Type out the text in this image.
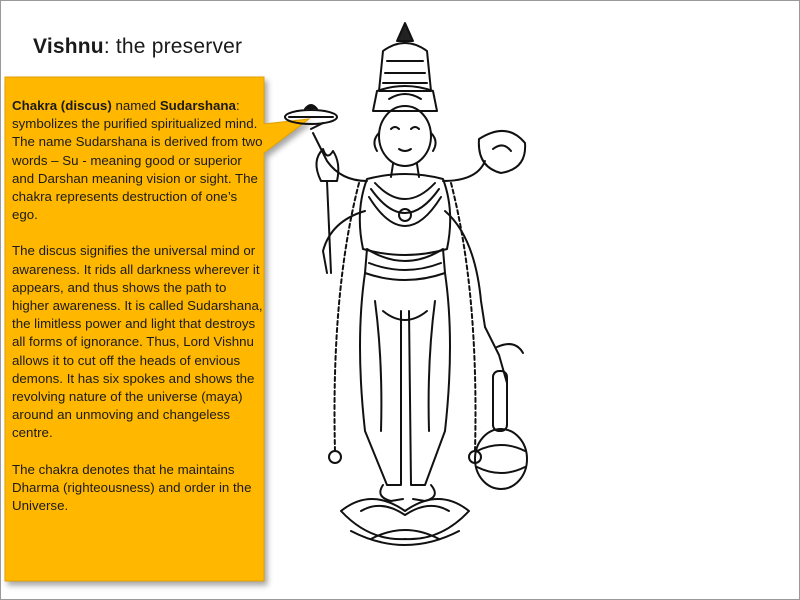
Vishnu: the preserver

Chakra (discus) named Sudarshana: symbolizes the purified spiritualized mind. The name Sudarshana is derived from two words – Su - meaning good or superior and Darshan meaning vision or sight. The chakra represents destruction of one’s ego.

The discus signifies the universal mind or awareness. It rids all darkness wherever it appears, and thus shows the path to higher awareness. It is called Sudarshana, the limitless power and light that destroys all forms of ignorance. Thus, Lord Vishnu allows it to cut off the heads of envious demons. It has six spokes and shows the revolving nature of the universe (maya) around an unmoving and changeless centre.

The chakra denotes that he maintains Dharma (righteousness) and order in the Universe.
